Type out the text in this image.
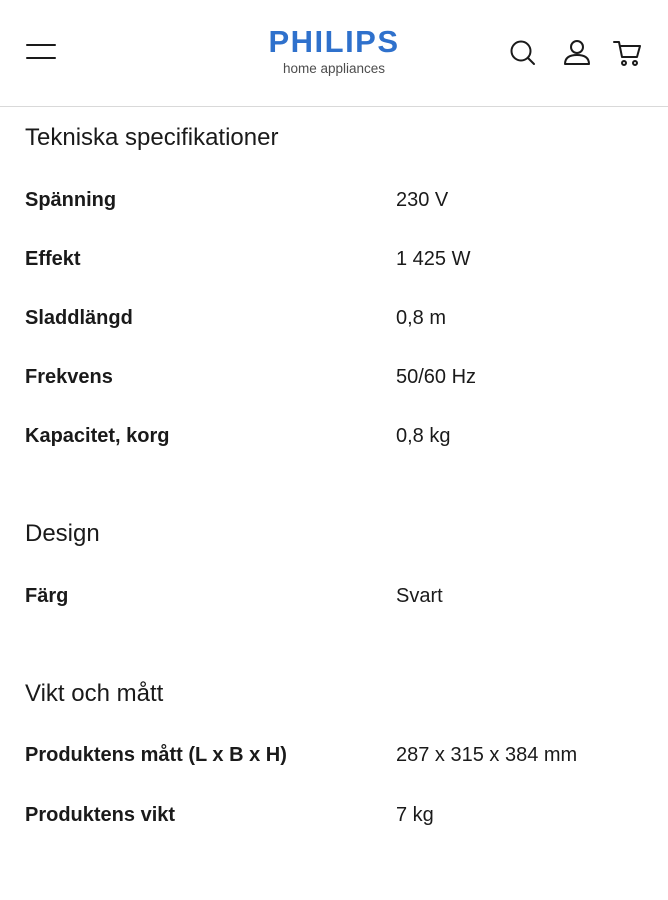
PHILIPS
home appliances
Tekniska specifikationer
Spänning	230 V
Effekt	1 425 W
Sladdlängd	0,8 m
Frekvens	50/60 Hz
Kapacitet, korg	0,8 kg
Design
Färg	Svart
Vikt och mått
Produktens mått (L x B x H)	287 x 315 x 384 mm
Produktens vikt	7 kg
